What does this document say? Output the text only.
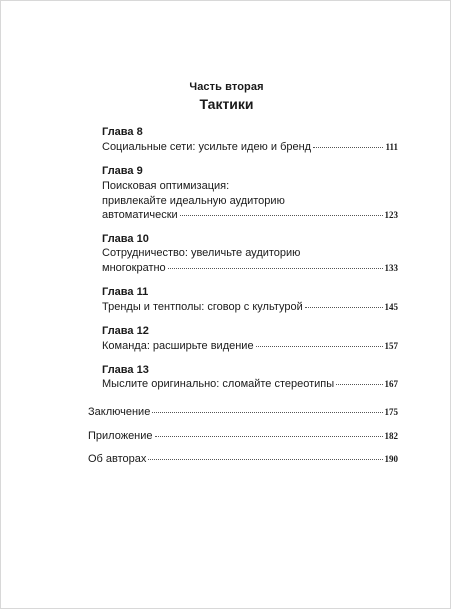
Часть вторая
Тактики
Глава 8
Социальные сети: усильте идею и бренд	111
Глава 9
Поисковая оптимизация:
привлекайте идеальную аудиторию
автоматически	123
Глава 10
Сотрудничество: увеличьте аудиторию
многократно	133
Глава 11
Тренды и тентполы: сговор с культурой	145
Глава 12
Команда: расширьте видение	157
Глава 13
Мыслите оригинально: сломайте стереотипы	167
Заключение	175
Приложение	182
Об авторах	190
